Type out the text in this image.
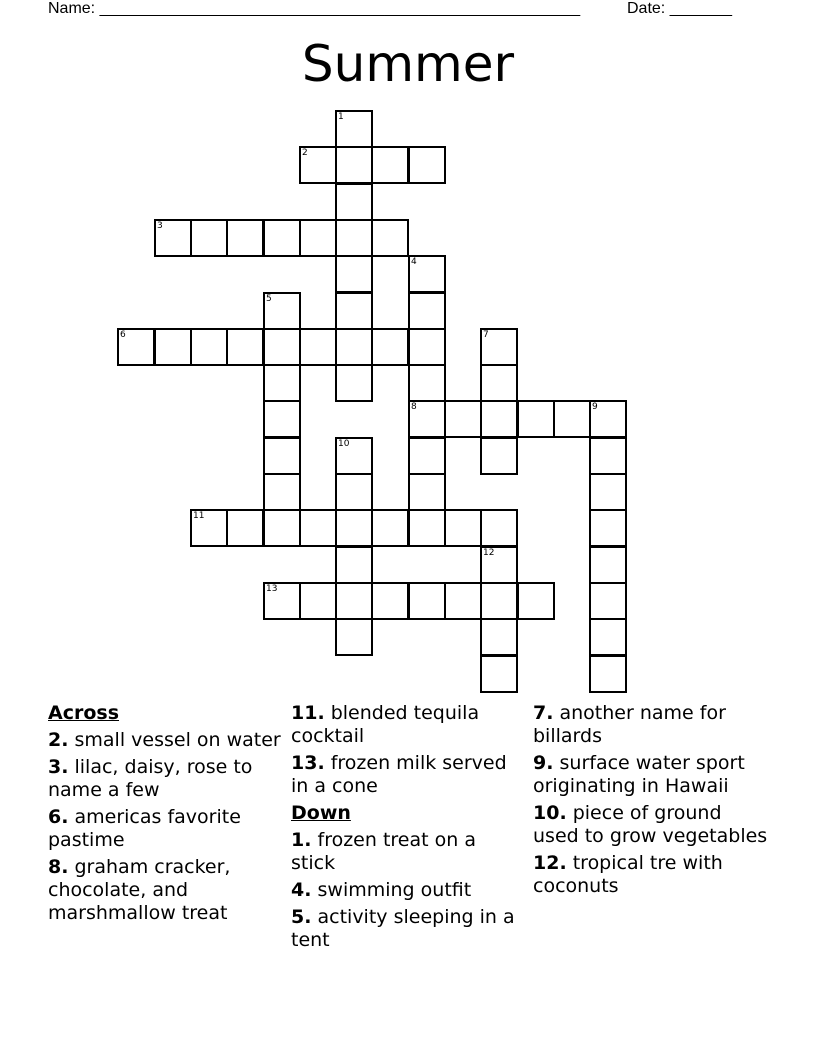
Name: ______________________________________________________	Date: _______
Summer
1
2
3
4
8
5
6	7
9
10
11
12
13
Across
2. small vessel on water
3. lilac, daisy, rose to name a few
6. americas favorite pastime
8. graham cracker, chocolate, and marshmallow treat
11. blended tequila cocktail
13. frozen milk served in a cone
Down
1. frozen treat on a stick
4. swimming outfit
5. activity sleeping in a tent
7. another name for billards
9. surface water sport originating in Hawaii
10. piece of ground used to grow vegetables
12. tropical tre with coconuts
